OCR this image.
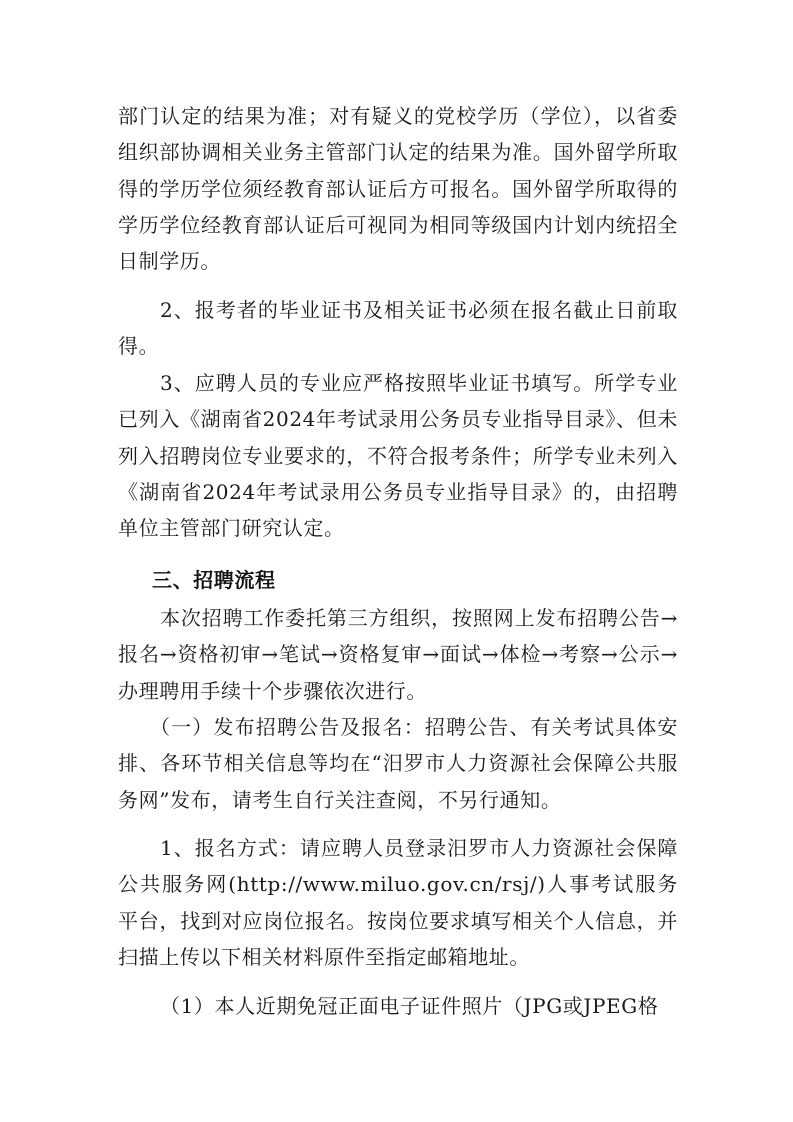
部门认定的结果为准；对有疑义的党校学历（学位），以省委组织部协调相关业务主管部门认定的结果为准。国外留学所取得的学历学位须经教育部认证后方可报名。国外留学所取得的学历学位经教育部认证后可视同为相同等级国内计划内统招全日制学历。

2、报考者的毕业证书及相关证书必须在报名截止日前取得。

3、应聘人员的专业应严格按照毕业证书填写。所学专业已列入《湖南省2024年考试录用公务员专业指导目录》、但未列入招聘岗位专业要求的，不符合报考条件；所学专业未列入《湖南省2024年考试录用公务员专业指导目录》的，由招聘单位主管部门研究认定。

三、招聘流程

本次招聘工作委托第三方组织，按照网上发布招聘公告→报名→资格初审→笔试→资格复审→面试→体检→考察→公示→办理聘用手续十个步骤依次进行。

（一）发布招聘公告及报名：招聘公告、有关考试具体安排、各环节相关信息等均在“汨罗市人力资源社会保障公共服务网”发布，请考生自行关注查阅，不另行通知。

1、报名方式：请应聘人员登录汨罗市人力资源社会保障公共服务网(http://www.miluo.gov.cn/rsj/)人事考试服务平台，找到对应岗位报名。按岗位要求填写相关个人信息，并扫描上传以下相关材料原件至指定邮箱地址。

（1）本人近期免冠正面电子证件照片（JPG或JPEG格
